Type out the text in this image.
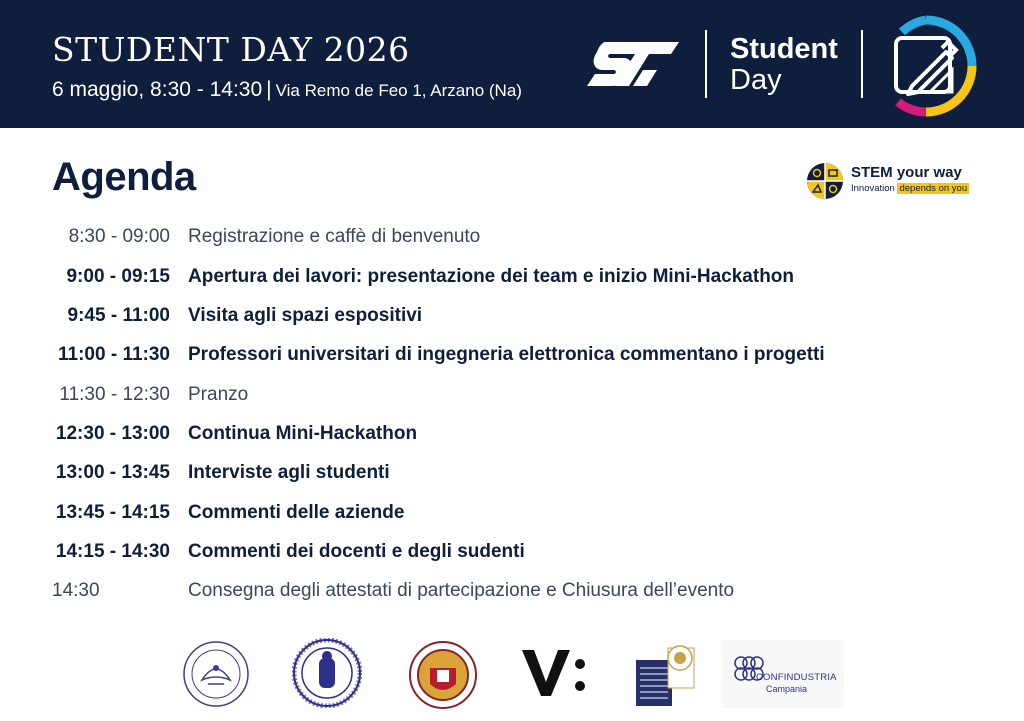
STUDENT DAY 2026
6 maggio, 8:30 - 14:30 | Via Remo de Feo 1, Arzano (Na)
Student
Day
Agenda	STEM your way
Innovation depends on you
8:30 - 09:00 Registrazione e caffè di benvenuto
9:00 - 09:15 Apertura dei lavori: presentazione dei team e inizio Mini-Hackathon
9:45 - 11:00 Visita agli spazi espositivi
11:00 - 11:30 Professori universitari di ingegneria elettronica commentano i progetti
11:30 - 12:30 Pranzo
12:30 - 13:00 Continua Mini-Hackathon
13:00 - 13:45 Interviste agli studenti
13:45 - 14:15 Commenti delle aziende
14:15 - 14:30 Commenti dei docenti e degli sudenti
14:30	Consegna degli attestati di partecipazione e Chiusura dell’evento
CONFINDUSTRIA
Campania
